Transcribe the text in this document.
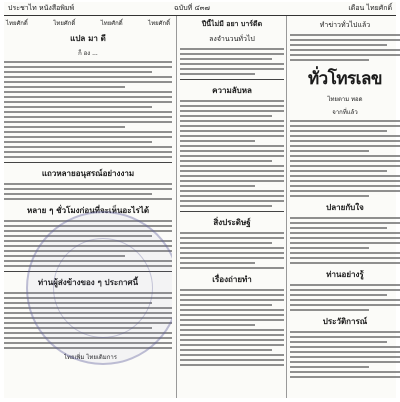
ประชาไท หนังสือพิมพ์	ฉบับที่ ๔๓๗	เดือน ไทยศักดิ์
ไทยศักดิ์	ไทยศักดิ์	ไทยศักดิ์	ไทยศักดิ์
แปล มา ดี
ก็ อง ...
แถวหลายอนุสรณ์อย่างงาม
หลาย ๆ ชั่วโมงก่อนที่จะเห็นอะไรได้
ท่านผู้ส่งข้างของ ๆ ประกาศนี้
ไทยเพิ่ม ไทยเดิมการ
ปีนี้ไม่มี อยา บาร์ดีด
ลงจำนวนทั่วไป
ความลับหล
สิ่งประดิษฐ์
เรื่องถ่ายทำ
ทำข่าวทั่วไปแล้ว
ทั่วโทรเลข
ไทยตาม ทอด
จากที่แล้ว
ปลายกับใจ
ท่านอย่างรู้
ประวัติการณ์
